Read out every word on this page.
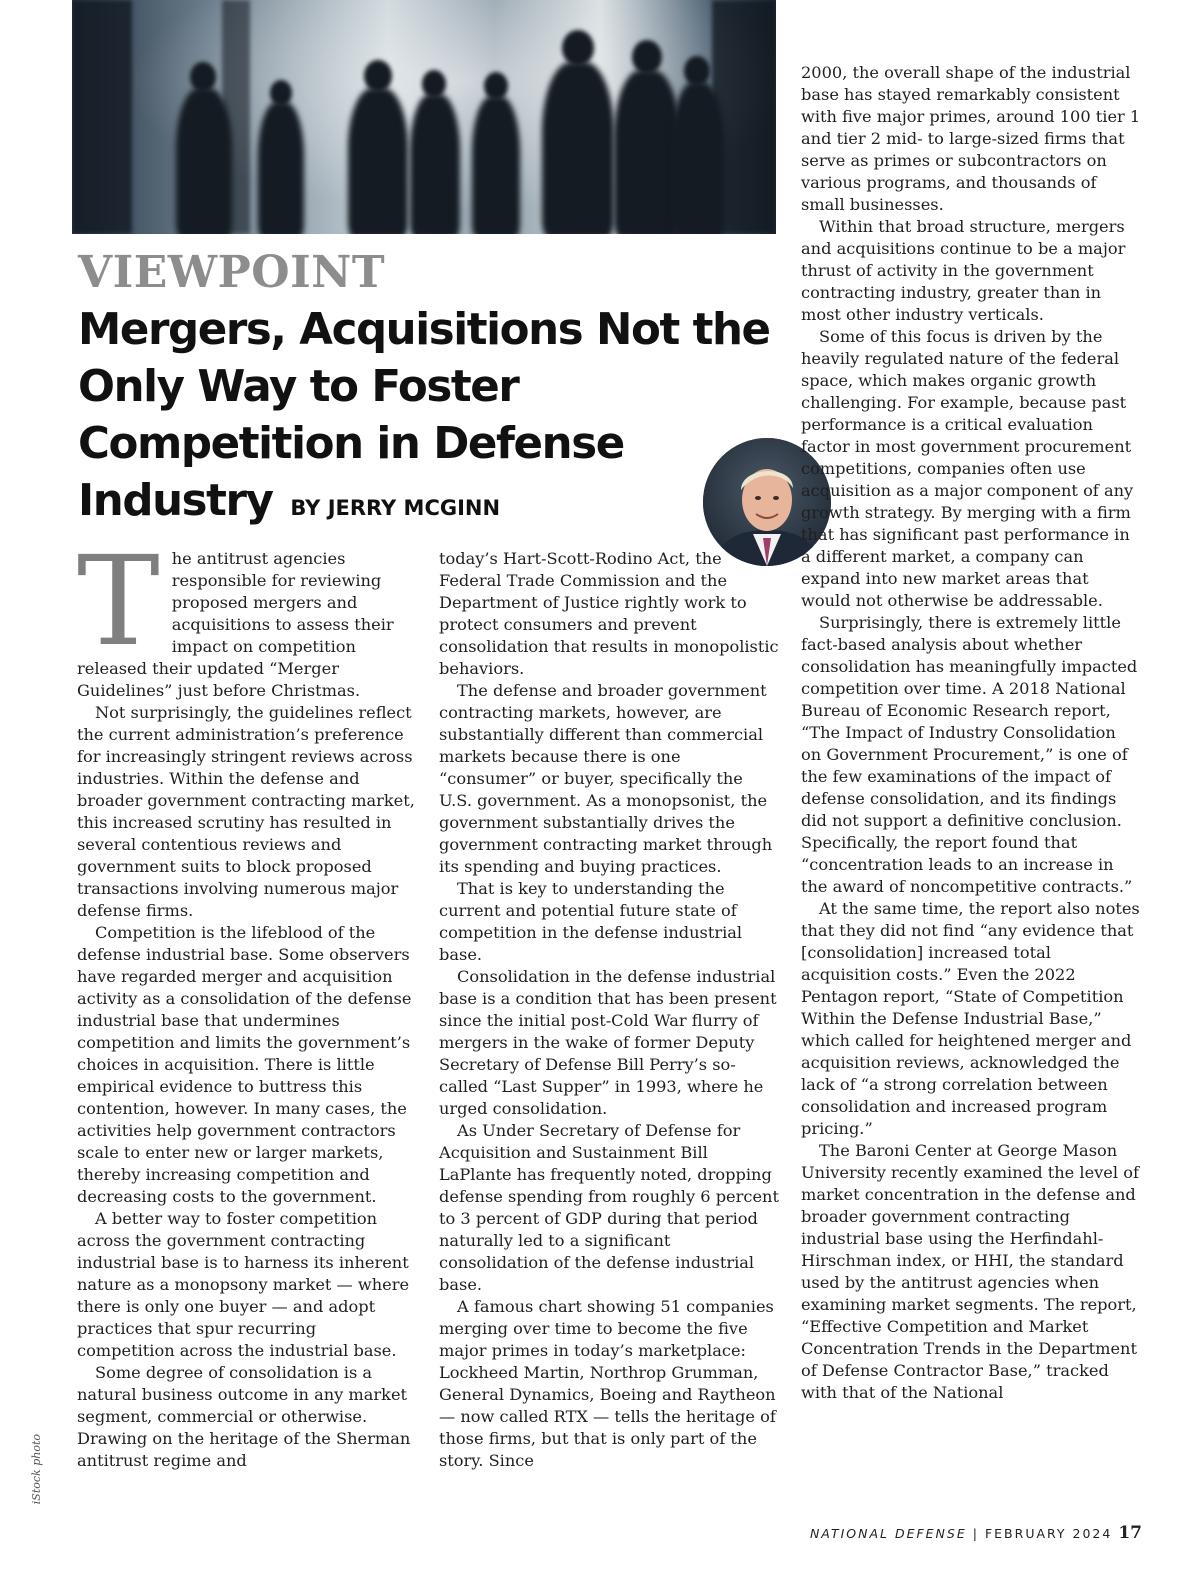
VIEWPOINT
Mergers, Acquisitions Not the Only Way to Foster Competition in Defense Industry BY JERRY MCGINN

The antitrust agencies responsible for reviewing proposed mergers and acquisitions to assess their impact on competition released their updated “Merger Guidelines” just before Christmas.

Not surprisingly, the guidelines reflect the current administration’s preference for increasingly stringent reviews across industries. Within the defense and broader government contracting market, this increased scrutiny has resulted in several contentious reviews and government suits to block proposed transactions involving numerous major defense firms.

Competition is the lifeblood of the defense industrial base. Some observers have regarded merger and acquisition activity as a consolidation of the defense industrial base that undermines competition and limits the government’s choices in acquisition. There is little empirical evidence to buttress this contention, however. In many cases, the activities help government contractors scale to enter new or larger markets, thereby increasing competition and decreasing costs to the government.

A better way to foster competition across the government contracting industrial base is to harness its inherent nature as a monopsony market — where there is only one buyer — and adopt practices that spur recurring competition across the industrial base.

Some degree of consolidation is a natural business outcome in any market segment, commercial or otherwise. Drawing on the heritage of the Sherman antitrust regime and

today’s Hart-Scott-Rodino Act, the Federal Trade Commission and the Department of Justice rightly work to protect consumers and prevent consolidation that results in monopolistic behaviors.

The defense and broader government contracting markets, however, are substantially different than commercial markets because there is one “consumer” or buyer, specifically the U.S. government. As a monopsonist, the government substantially drives the government contracting market through its spending and buying practices.

That is key to understanding the current and potential future state of competition in the defense industrial base.

Consolidation in the defense industrial base is a condition that has been present since the initial post-Cold War flurry of mergers in the wake of former Deputy Secretary of Defense Bill Perry’s so-called “Last Supper” in 1993, where he urged consolidation.

As Under Secretary of Defense for Acquisition and Sustainment Bill LaPlante has frequently noted, dropping defense spending from roughly 6 percent to 3 percent of GDP during that period naturally led to a significant consolidation of the defense industrial base.

A famous chart showing 51 companies merging over time to become the five major primes in today’s marketplace: Lockheed Martin, Northrop Grumman, General Dynamics, Boeing and Raytheon — now called RTX — tells the heritage of those firms, but that is only part of the story. Since

2000, the overall shape of the industrial base has stayed remarkably consistent with five major primes, around 100 tier 1 and tier 2 mid- to large-sized firms that serve as primes or subcontractors on various programs, and thousands of small businesses.

Within that broad structure, mergers and acquisitions continue to be a major thrust of activity in the government contracting industry, greater than in most other industry verticals.

Some of this focus is driven by the heavily regulated nature of the federal space, which makes organic growth challenging. For example, because past performance is a critical evaluation factor in most government procurement competitions, companies often use acquisition as a major component of any growth strategy. By merging with a firm that has significant past performance in a different market, a company can expand into new market areas that would not otherwise be addressable.

Surprisingly, there is extremely little fact-based analysis about whether consolidation has meaningfully impacted competition over time. A 2018 National Bureau of Economic Research report, “The Impact of Industry Consolidation on Government Procurement,” is one of the few examinations of the impact of defense consolidation, and its findings did not support a definitive conclusion. Specifically, the report found that “concentration leads to an increase in the award of noncompetitive contracts.”

At the same time, the report also notes that they did not find “any evidence that [consolidation] increased total acquisition costs.” Even the 2022 Pentagon report, “State of Competition Within the Defense Industrial Base,” which called for heightened merger and acquisition reviews, acknowledged the lack of “a strong correlation between consolidation and increased program pricing.”

The Baroni Center at George Mason University recently examined the level of market concentration in the defense and broader government contracting industrial base using the Herfindahl-Hirschman index, or HHI, the standard used by the antitrust agencies when examining market segments. The report, “Effective Competition and Market Concentration Trends in the Department of Defense Contractor Base,” tracked with that of the National

iStock photo

NATIONAL DEFENSE | FEBRUARY 2024 17
